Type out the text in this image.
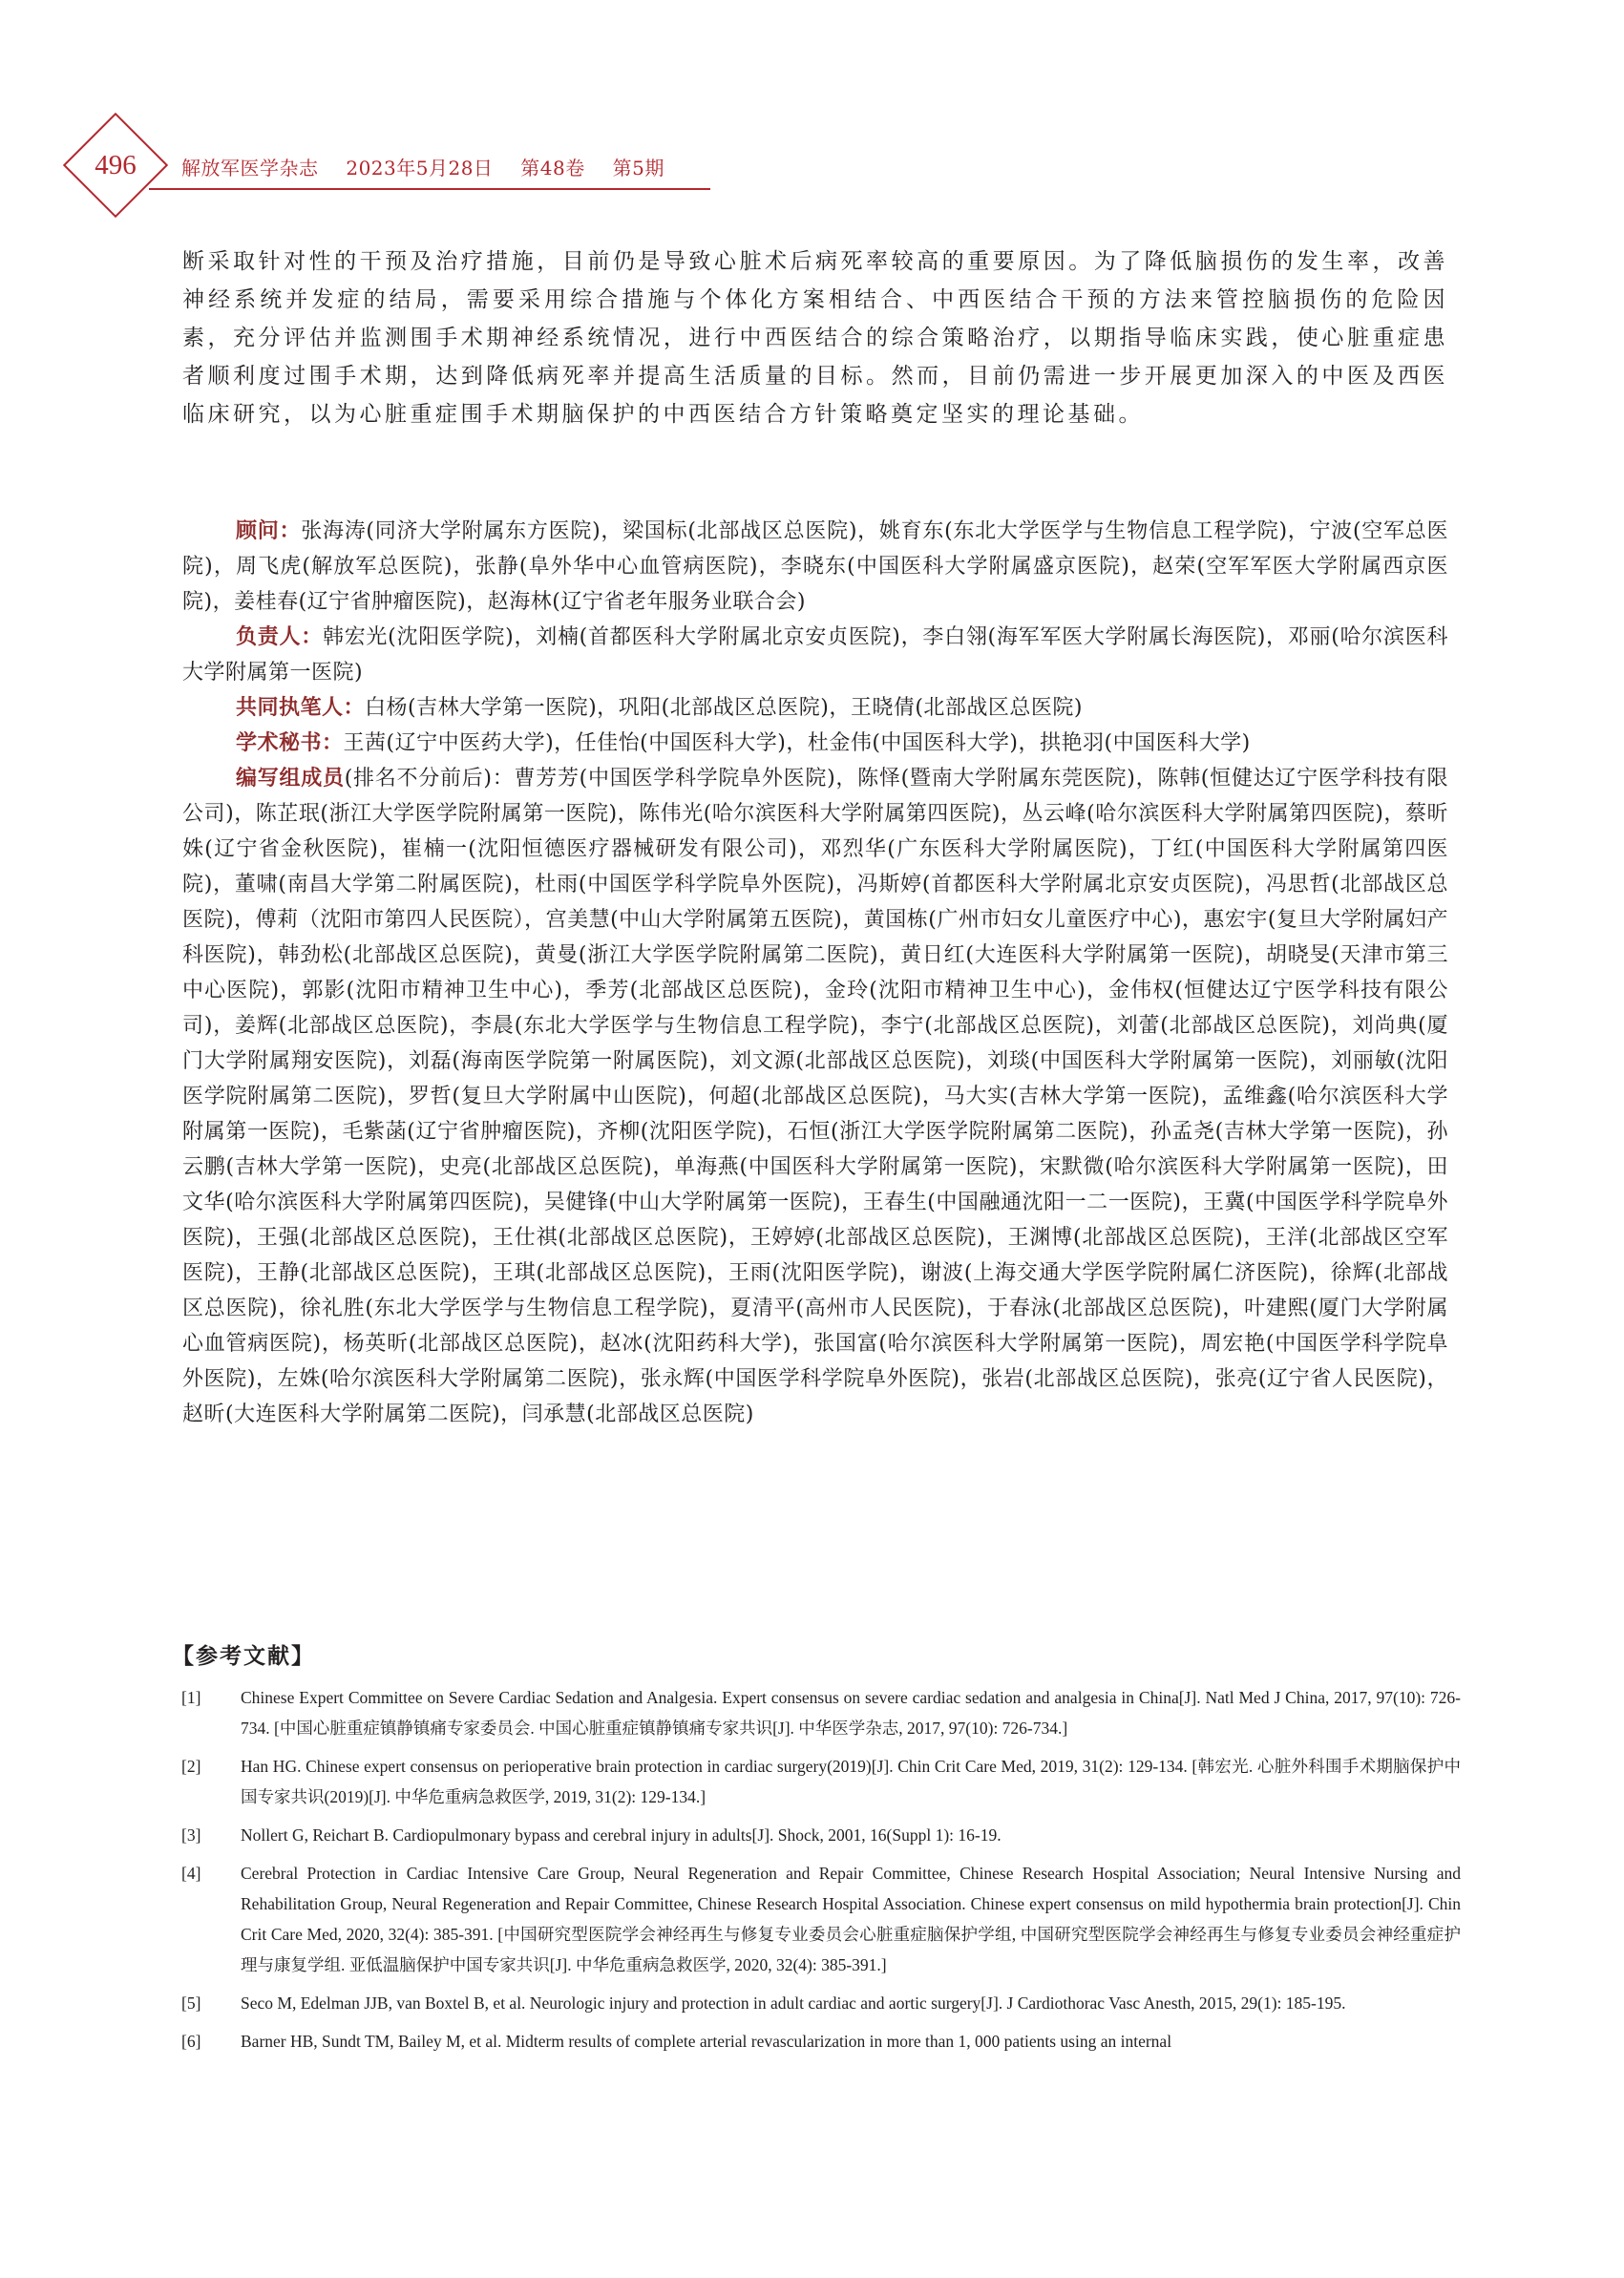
496	解放军医学杂志 2023年5月28日 第48卷 第5期
断采取针对性的干预及治疗措施，目前仍是导致心脏术后病死率较高的重要原因。为了降低脑损伤的发生率，改善神经系统并发症的结局，需要采用综合措施与个体化方案相结合、中西医结合干预的方法来管控脑损伤的危险因素，充分评估并监测围手术期神经系统情况，进行中西医结合的综合策略治疗，以期指导临床实践，使心脏重症患者顺利度过围手术期，达到降低病死率并提高生活质量的目标。然而，目前仍需进一步开展更加深入的中医及西医临床研究，以为心脏重症围手术期脑保护的中西医结合方针策略奠定坚实的理论基础。

顾问：张海涛(同济大学附属东方医院)，梁国标(北部战区总医院)，姚育东(东北大学医学与生物信息工程学院)，宁波(空军总医院)，周飞虎(解放军总医院)，张静(阜外华中心血管病医院)，李晓东(中国医科大学附属盛京医院)，赵荣(空军军医大学附属西京医院)，姜桂春(辽宁省肿瘤医院)，赵海林(辽宁省老年服务业联合会)

负责人：韩宏光(沈阳医学院)，刘楠(首都医科大学附属北京安贞医院)，李白翎(海军军医大学附属长海医院)，邓丽(哈尔滨医科大学附属第一医院)

共同执笔人：白杨(吉林大学第一医院)，巩阳(北部战区总医院)，王晓倩(北部战区总医院)

学术秘书：王茜(辽宁中医药大学)，任佳怡(中国医科大学)，杜金伟(中国医科大学)，拱艳羽(中国医科大学)

编写组成员(排名不分前后)：曹芳芳(中国医学科学院阜外医院)，陈怿(暨南大学附属东莞医院)，陈韩(恒健达辽宁医学科技有限公司)，陈芷珉(浙江大学医学院附属第一医院)，陈伟光(哈尔滨医科大学附属第四医院)，丛云峰(哈尔滨医科大学附属第四医院)，蔡昕姝(辽宁省金秋医院)，崔楠一(沈阳恒德医疗器械研发有限公司)，邓烈华(广东医科大学附属医院)，丁红(中国医科大学附属第四医院)，董啸(南昌大学第二附属医院)，杜雨(中国医学科学院阜外医院)，冯斯婷(首都医科大学附属北京安贞医院)，冯思哲(北部战区总医院)，傅莉（沈阳市第四人民医院），宫美慧(中山大学附属第五医院)，黄国栋(广州市妇女儿童医疗中心)，惠宏宇(复旦大学附属妇产科医院)，韩劲松(北部战区总医院)，黄曼(浙江大学医学院附属第二医院)，黄日红(大连医科大学附属第一医院)，胡晓旻(天津市第三中心医院)，郭影(沈阳市精神卫生中心)，季芳(北部战区总医院)，金玲(沈阳市精神卫生中心)，金伟权(恒健达辽宁医学科技有限公司)，姜辉(北部战区总医院)，李晨(东北大学医学与生物信息工程学院)，李宁(北部战区总医院)，刘蕾(北部战区总医院)，刘尚典(厦门大学附属翔安医院)，刘磊(海南医学院第一附属医院)，刘文源(北部战区总医院)，刘琰(中国医科大学附属第一医院)，刘丽敏(沈阳医学院附属第二医院)，罗哲(复旦大学附属中山医院)，何超(北部战区总医院)，马大实(吉林大学第一医院)，孟维鑫(哈尔滨医科大学附属第一医院)，毛紫菡(辽宁省肿瘤医院)，齐柳(沈阳医学院)，石恒(浙江大学医学院附属第二医院)，孙孟尧(吉林大学第一医院)，孙云鹏(吉林大学第一医院)，史亮(北部战区总医院)，单海燕(中国医科大学附属第一医院)，宋默微(哈尔滨医科大学附属第一医院)，田文华(哈尔滨医科大学附属第四医院)，吴健锋(中山大学附属第一医院)，王春生(中国融通沈阳一二一医院)，王冀(中国医学科学院阜外医院)，王强(北部战区总医院)，王仕祺(北部战区总医院)，王婷婷(北部战区总医院)，王渊博(北部战区总医院)，王洋(北部战区空军医院)，王静(北部战区总医院)，王琪(北部战区总医院)，王雨(沈阳医学院)，谢波(上海交通大学医学院附属仁济医院)，徐辉(北部战区总医院)，徐礼胜(东北大学医学与生物信息工程学院)，夏清平(高州市人民医院)，于春泳(北部战区总医院)，叶建熙(厦门大学附属心血管病医院)，杨英昕(北部战区总医院)，赵冰(沈阳药科大学)，张国富(哈尔滨医科大学附属第一医院)，周宏艳(中国医学科学院阜外医院)，左姝(哈尔滨医科大学附属第二医院)，张永辉(中国医学科学院阜外医院)，张岩(北部战区总医院)，张亮(辽宁省人民医院)，赵昕(大连医科大学附属第二医院)，闫承慧(北部战区总医院)

【参考文献】
[1] Chinese Expert Committee on Severe Cardiac Sedation and Analgesia. Expert consensus on severe cardiac sedation and analgesia in China[J]. Natl Med J China, 2017, 97(10): 726-734. [中国心脏重症镇静镇痛专家委员会. 中国心脏重症镇静镇痛专家共识[J]. 中华医学杂志, 2017, 97(10): 726-734.]
[2] Han HG. Chinese expert consensus on perioperative brain protection in cardiac surgery(2019)[J]. Chin Crit Care Med, 2019, 31(2): 129-134. [韩宏光. 心脏外科围手术期脑保护中国专家共识(2019)[J]. 中华危重病急救医学, 2019, 31(2): 129-134.]
[3] Nollert G, Reichart B. Cardiopulmonary bypass and cerebral injury in adults[J]. Shock, 2001, 16(Suppl 1): 16-19.
[4] Cerebral Protection in Cardiac Intensive Care Group, Neural Regeneration and Repair Committee, Chinese Research Hospital Association; Neural Intensive Nursing and Rehabilitation Group, Neural Regeneration and Repair Committee, Chinese Research Hospital Association. Chinese expert consensus on mild hypothermia brain protection[J]. Chin Crit Care Med, 2020, 32(4): 385-391. [中国研究型医院学会神经再生与修复专业委员会心脏重症脑保护学组, 中国研究型医院学会神经再生与修复专业委员会神经重症护理与康复学组. 亚低温脑保护中国专家共识[J]. 中华危重病急救医学, 2020, 32(4): 385-391.]
[5] Seco M, Edelman JJB, van Boxtel B, et al. Neurologic injury and protection in adult cardiac and aortic surgery[J]. J Cardiothorac Vasc Anesth, 2015, 29(1): 185-195.
[6] Barner HB, Sundt TM, Bailey M, et al. Midterm results of complete arterial revascularization in more than 1, 000 patients using an internal
